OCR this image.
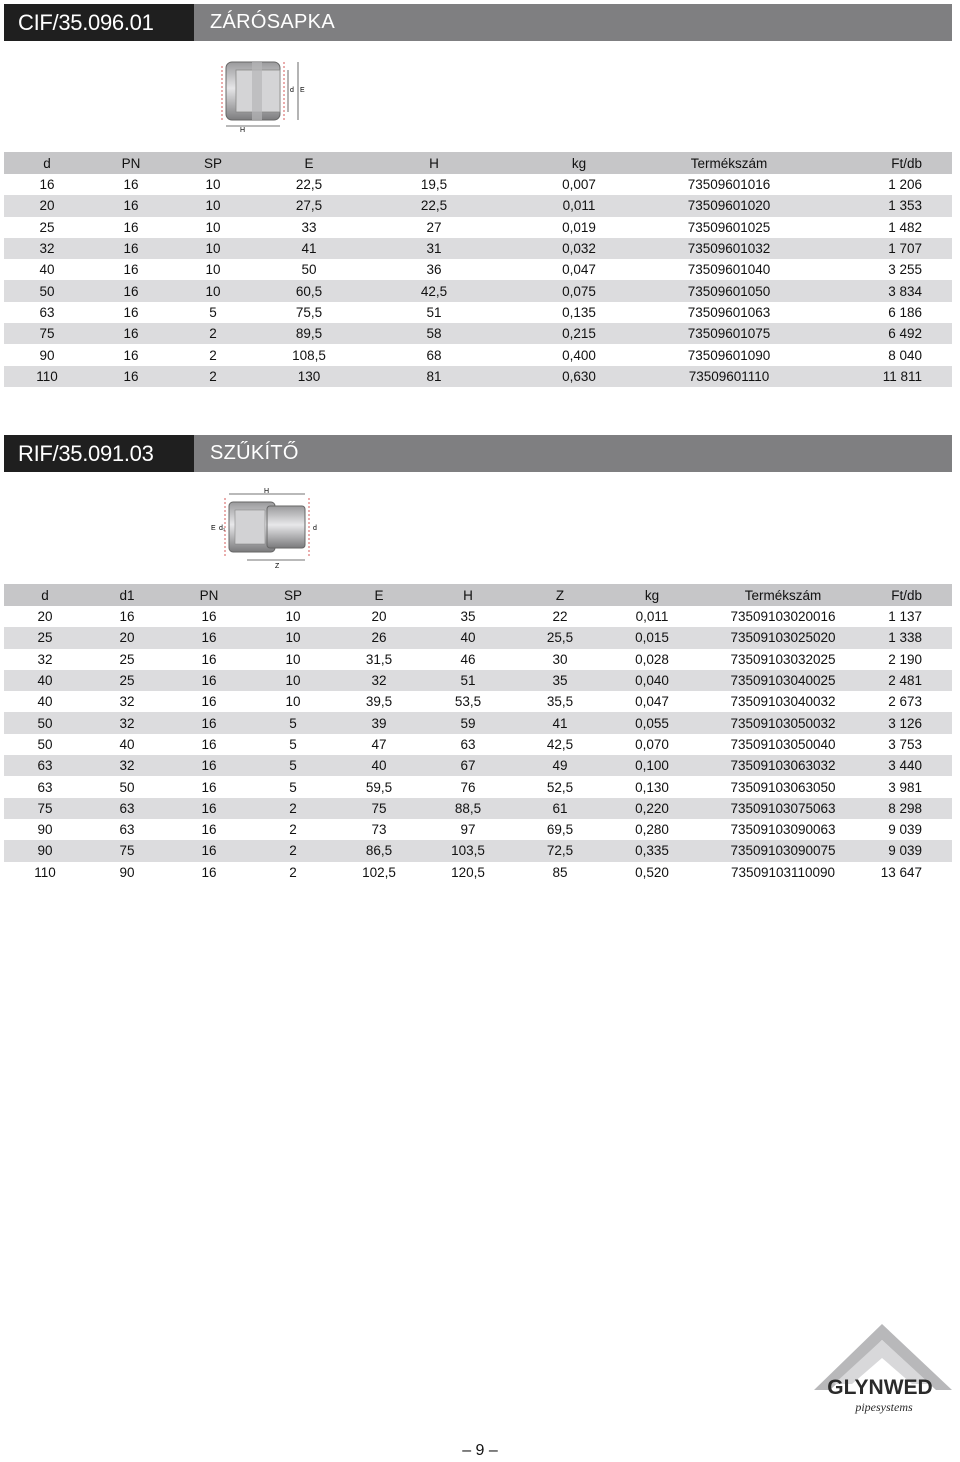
CIF/35.096.01	ZÁRÓSAPKA
d E
H
d	PN	SP	E	H	kg	Termékszám	Ft/db
16	16	10	22,5	19,5	0,007	73509601016	1 206
20	16	10	27,5	22,5	0,011	73509601020	1 353
25	16	10	33	27	0,019	73509601025	1 482
32	16	10	41	31	0,032	73509601032	1 707
40	16	10	50	36	0,047	73509601040	3 255
50	16	10	60,5	42,5	0,075	73509601050	3 834
63	16	5	75,5	51	0,135	73509601063	6 186
75	16	2	89,5	58	0,215	73509601075	6 492
90	16	2	108,5	68	0,400	73509601090	8 040
110	16	2	130	81	0,630	73509601110	11 811
RIF/35.091.03	SZŰKÍTŐ
H
E d₁	d
Z
d	d1	PN	SP	E	H	Z	kg	Termékszám	Ft/db
20	16	16	10	20	35	22	0,011	73509103020016	1 137
25	20	16	10	26	40	25,5	0,015	73509103025020	1 338
32	25	16	10	31,5	46	30	0,028	73509103032025	2 190
40	25	16	10	32	51	35	0,040	73509103040025	2 481
40	32	16	10	39,5	53,5	35,5	0,047	73509103040032	2 673
50	32	16	5	39	59	41	0,055	73509103050032	3 126
50	40	16	5	47	63	42,5	0,070	73509103050040	3 753
63	32	16	5	40	67	49	0,100	73509103063032	3 440
63	50	16	5	59,5	76	52,5	0,130	73509103063050	3 981
75	63	16	2	75	88,5	61	0,220	73509103075063	8 298
90	63	16	2	73	97	69,5	0,280	73509103090063	9 039
90	75	16	2	86,5	103,5	72,5	0,335	73509103090075	9 039
110	90	16	2	102,5	120,5	85	0,520	73509103110090	13 647
GLYNWED
pipesystems
– 9 –
